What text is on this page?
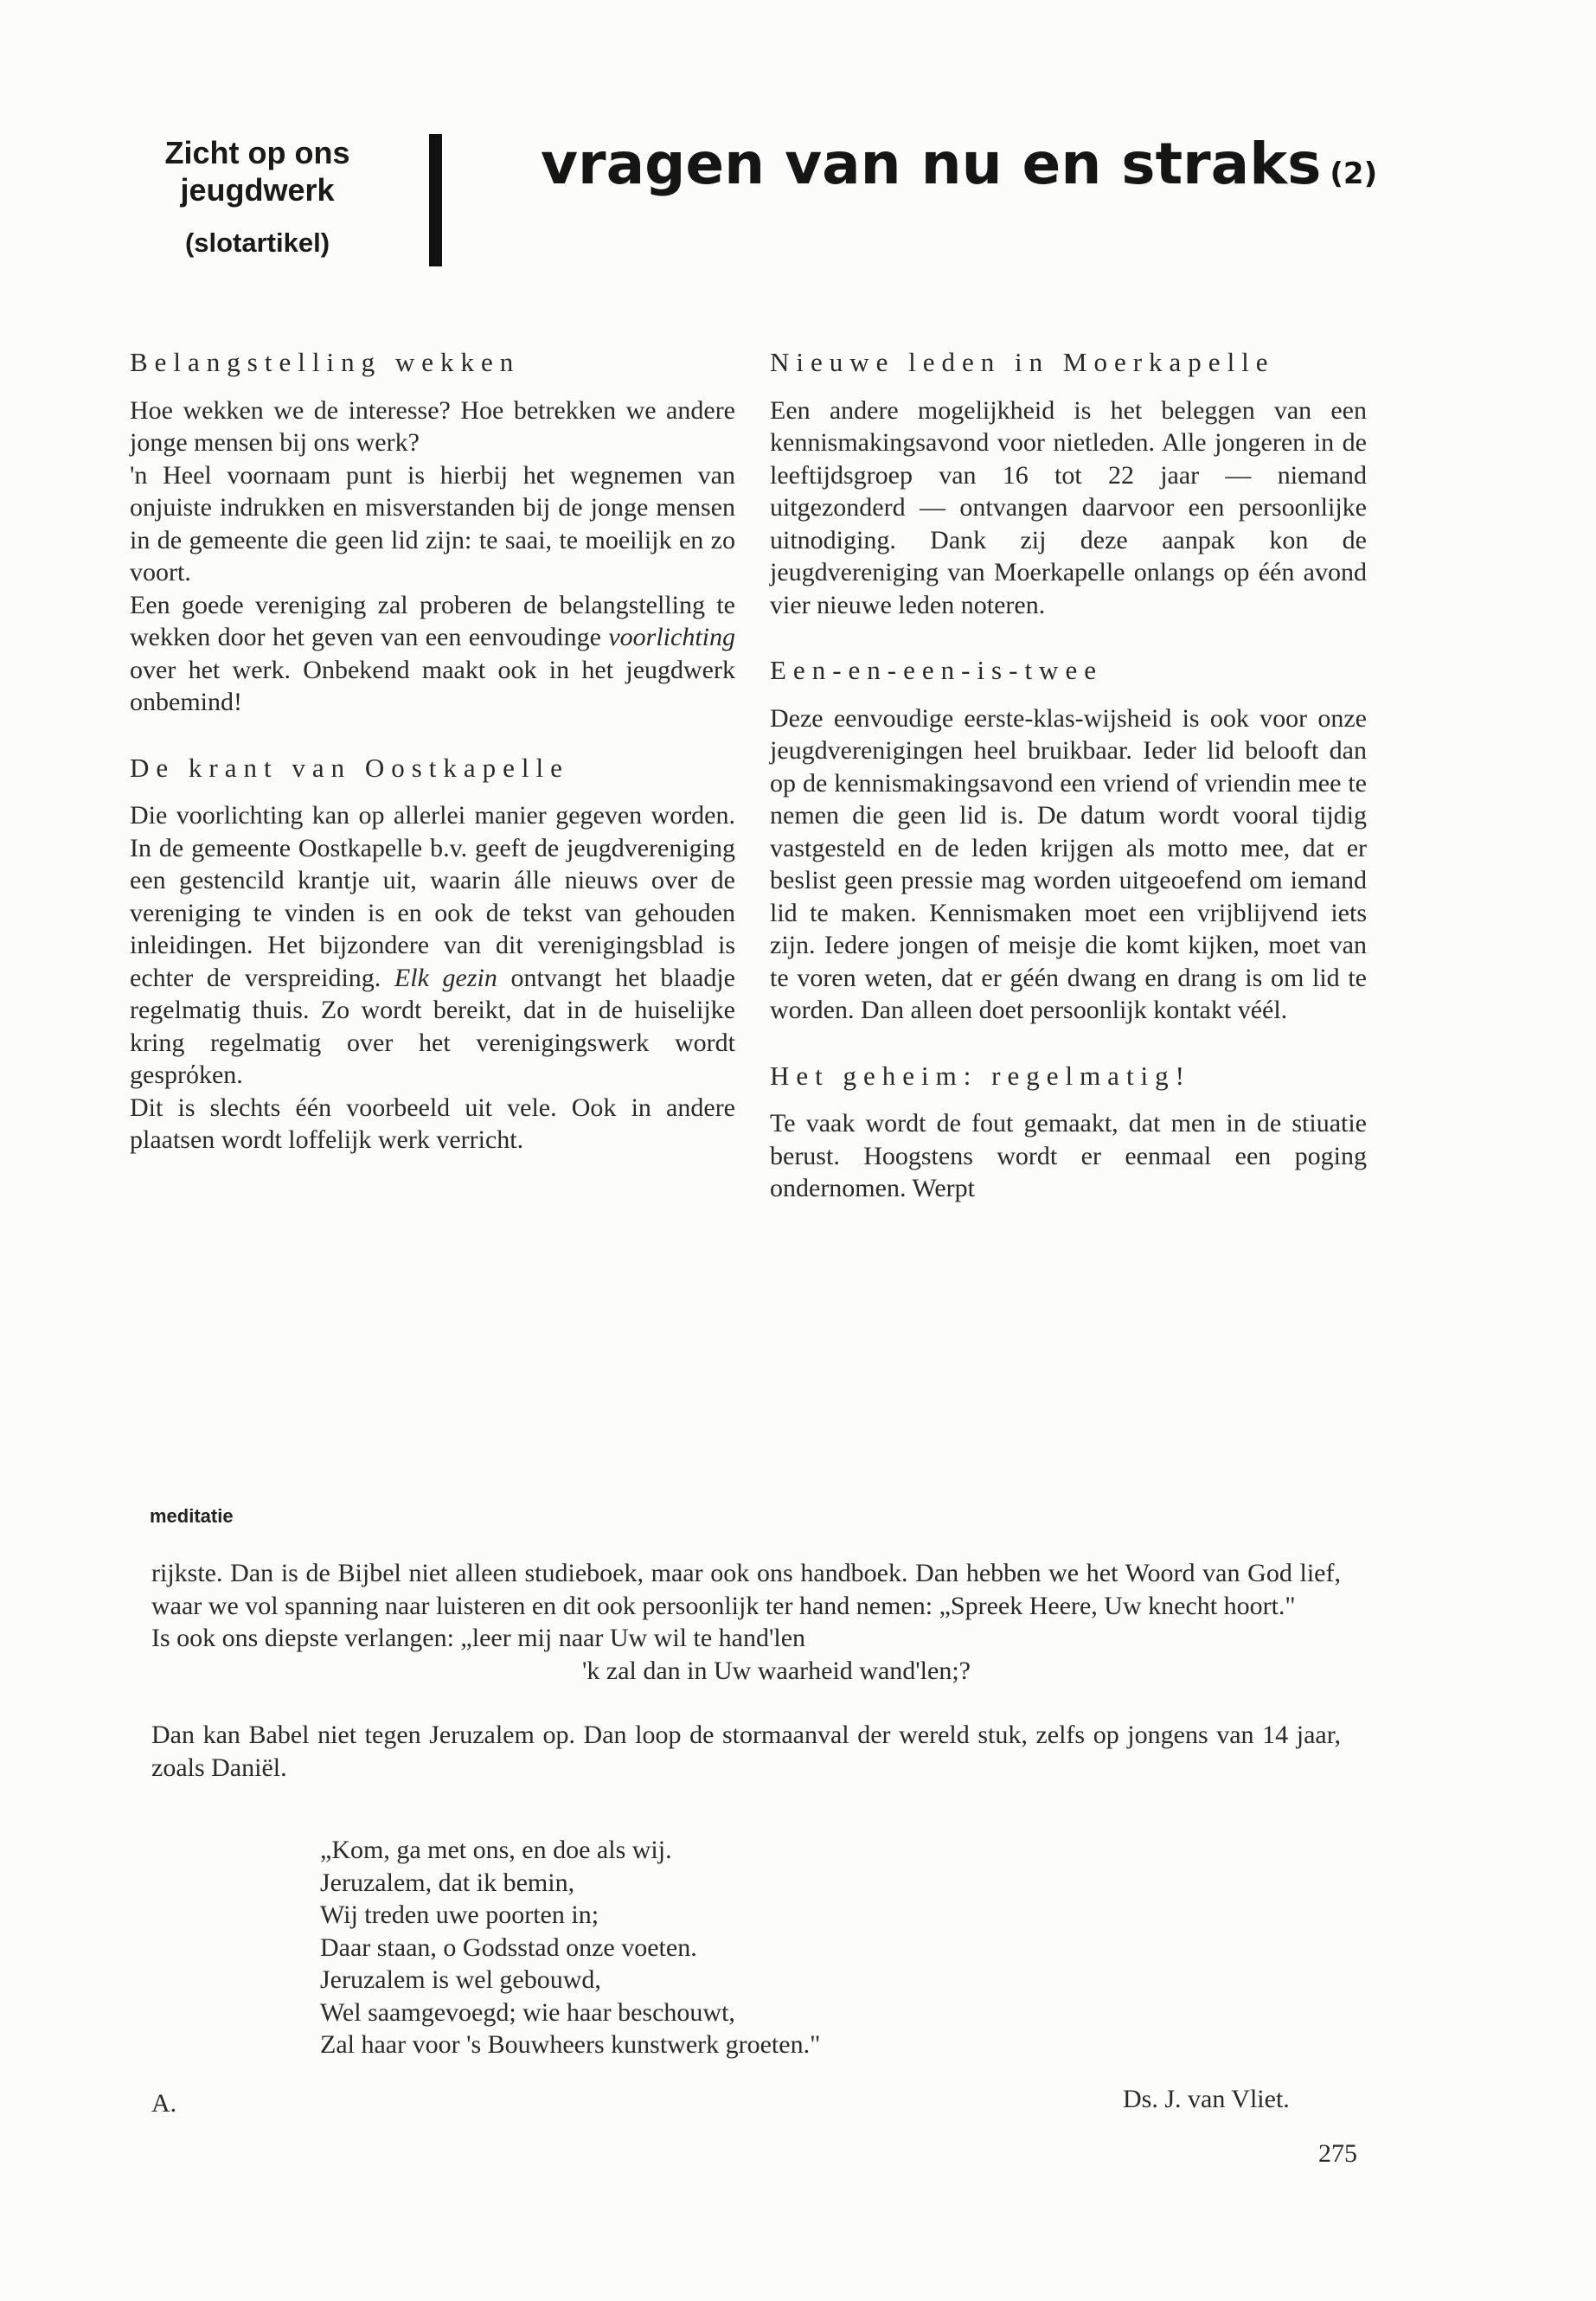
Zicht op ons
jeugdwerk
(slotartikel)
vragen van nu en straks (2)
Belangstelling wekken

Hoe wekken we de interesse? Hoe betrekken we andere jonge mensen bij ons werk?

'n Heel voornaam punt is hierbij het wegnemen van onjuiste indrukken en misverstanden bij de jonge mensen in de gemeente die geen lid zijn: te saai, te moeilijk en zo voort.

Een goede vereniging zal proberen de belangstelling te wekken door het geven van een eenvoudinge voorlichting over het werk. Onbekend maakt ook in het jeugdwerk onbemind!

De krant van Oostkapelle

Die voorlichting kan op allerlei manier gegeven worden. In de gemeente Oostkapelle b.v. geeft de jeugdvereniging een gestencild krantje uit, waarin álle nieuws over de vereniging te vinden is en ook de tekst van gehouden inleidingen. Het bijzondere van dit verenigingsblad is echter de verspreiding. Elk gezin ontvangt het blaadje regelmatig thuis. Zo wordt bereikt, dat in de huiselijke kring regelmatig over het verenigingswerk wordt gesprόken.

Dit is slechts één voorbeeld uit vele. Ook in andere plaatsen wordt loffelijk werk verricht.

Nieuwe leden in Moerkapelle

Een andere mogelijkheid is het beleggen van een kennismakingsavond voor nietleden. Alle jongeren in de leeftijdsgroep van 16 tot 22 jaar — niemand uitgezonderd — ontvangen daarvoor een persoonlijke uitnodiging. Dank zij deze aanpak kon de jeugdvereniging van Moerkapelle onlangs op één avond vier nieuwe leden noteren.

Een-en-een-is-twee

Deze eenvoudige eerste-klas-wijsheid is ook voor onze jeugdverenigingen heel bruikbaar. Ieder lid belooft dan op de kennismakingsavond een vriend of vriendin mee te nemen die geen lid is. De datum wordt vooral tijdig vastgesteld en de leden krijgen als motto mee, dat er beslist geen pressie mag worden uitgeoefend om iemand lid te maken. Kennismaken moet een vrijblijvend iets zijn. Iedere jongen of meisje die komt kijken, moet van te voren weten, dat er géén dwang en drang is om lid te worden. Dan alleen doet persoonlijk kontakt véél.

Het geheim: regelmatig!

Te vaak wordt de fout gemaakt, dat men in de stiuatie berust. Hoogstens wordt er eenmaal een poging ondernomen. Werpt

meditatie

rijkste. Dan is de Bijbel niet alleen studieboek, maar ook ons handboek. Dan hebben we het Woord van God lief, waar we vol spanning naar luisteren en dit ook persoonlijk ter hand nemen: „Spreek Heere, Uw knecht hoort."

Is ook ons diepste verlangen: „leer mij naar Uw wil te hand'len

'k zal dan in Uw waarheid wand'len;?

Dan kan Babel niet tegen Jeruzalem op. Dan loop de stormaanval der wereld stuk, zelfs op jongens van 14 jaar, zoals Daniël.

„Kom, ga met ons, en doe als wij.
Jeruzalem, dat ik bemin,
Wij treden uwe poorten in;
Daar staan, o Godsstad onze voeten.
Jeruzalem is wel gebouwd,
Wel saamgevoegd; wie haar beschouwt,
Zal haar voor 's Bouwheers kunstwerk groeten."
A.	Ds. J. van Vliet.
275
